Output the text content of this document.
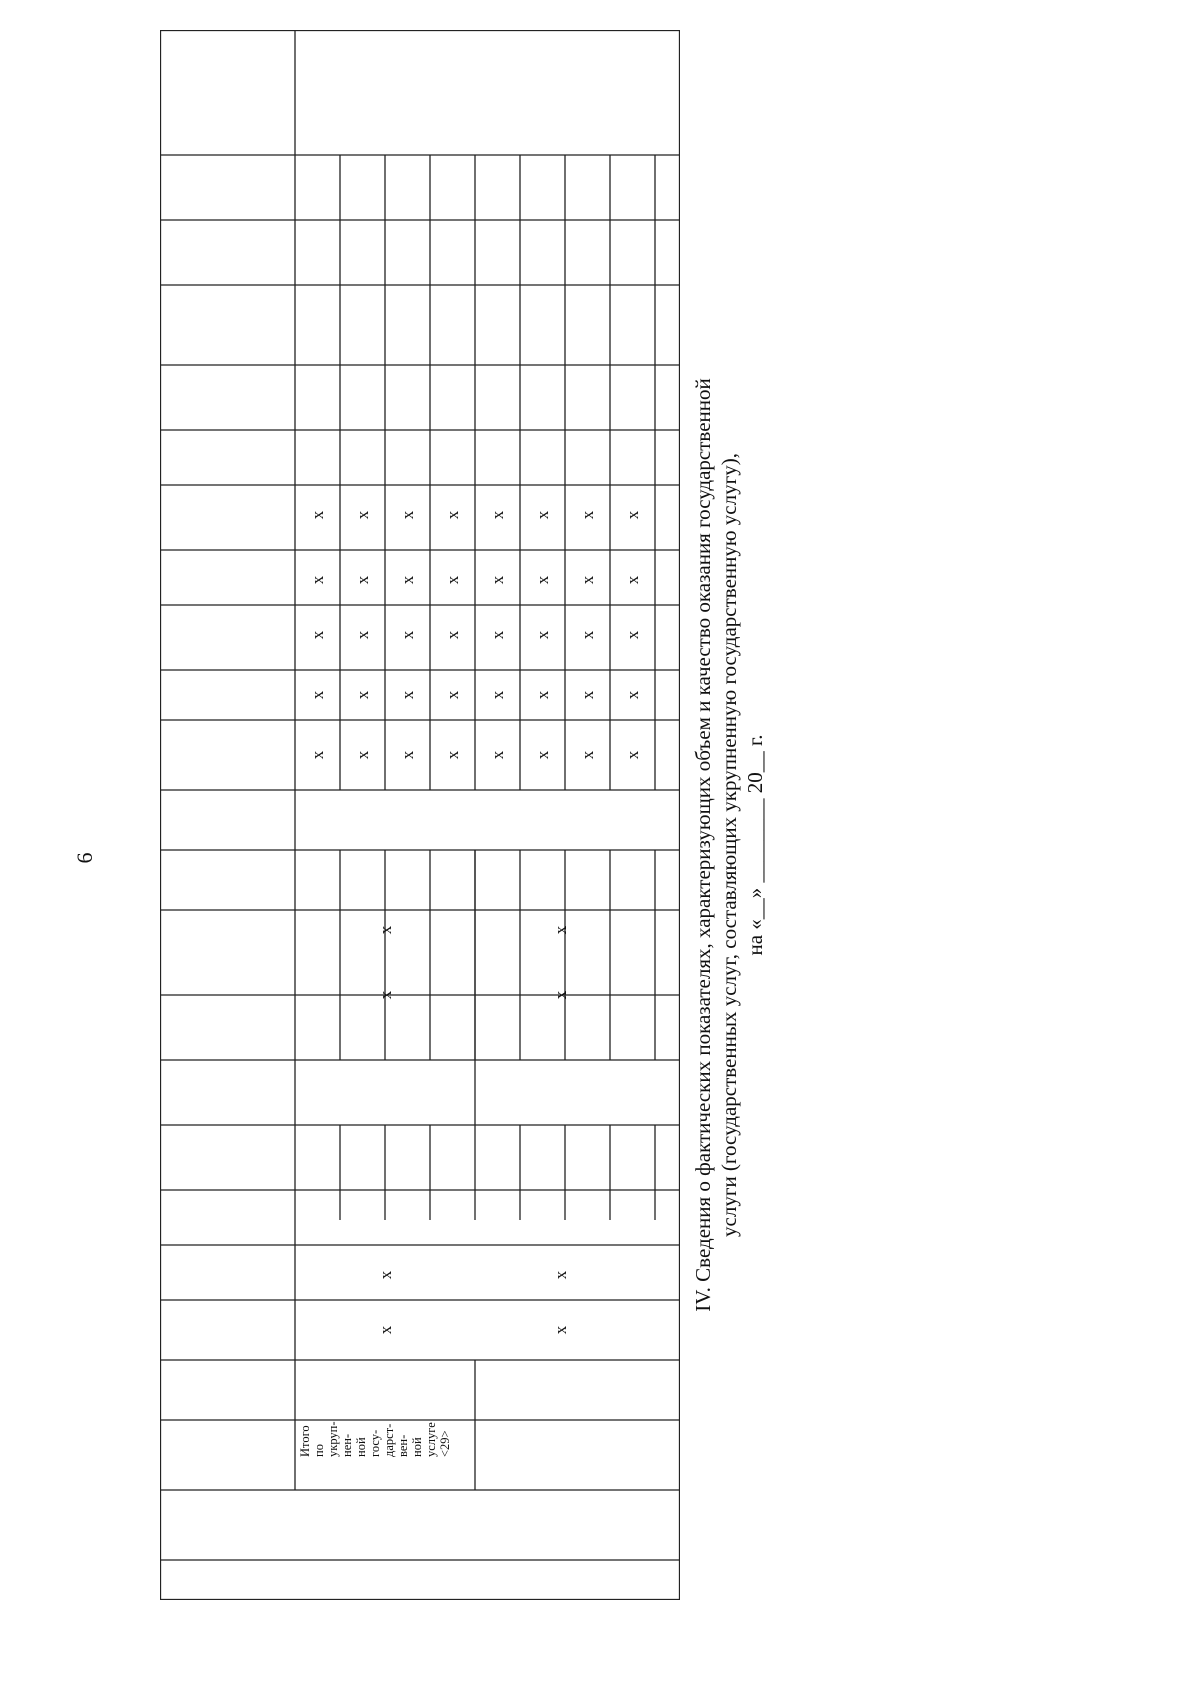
6
х
х
х
х
х
х
х
х
х х х х х х х х
х х х х х х х х
х х х х х х х х
х х х х х х х х
х х х х х х х х
Итого
по
укруп-
нен-
ной
госу-
дарст-
вен-
ной
услуге
<29>
IV. Сведения о фактических показателях, характеризующих объем и качество оказания государственной услуги (государственных услуг, составляющих укрупненную государственную услугу), на «__» ________ 20__ г.
